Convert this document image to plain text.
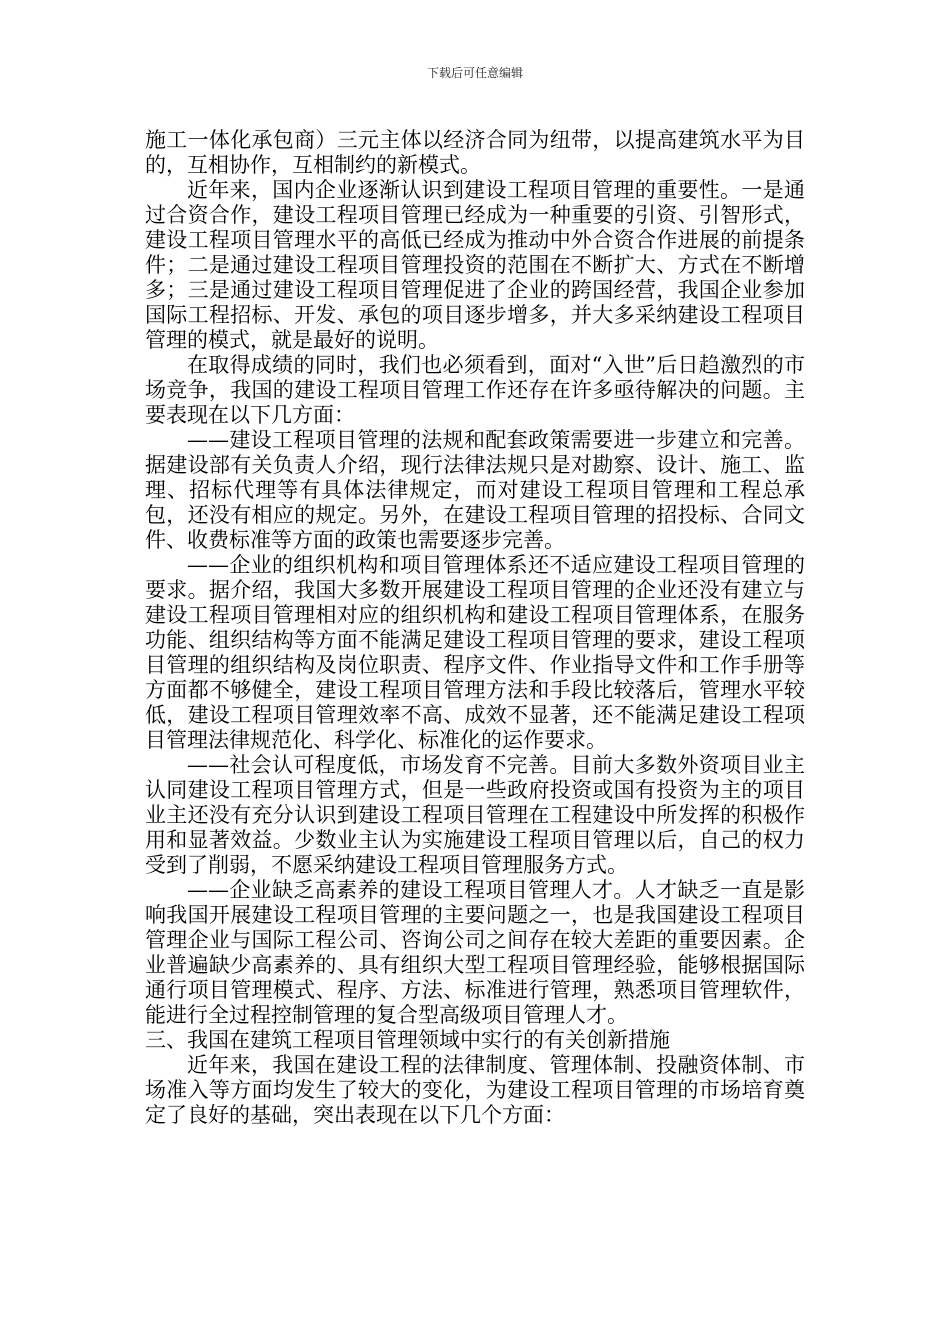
下载后可任意编辑

施工一体化承包商）三元主体以经济合同为纽带，以提高建筑水平为目的，互相协作，互相制约的新模式。

近年来，国内企业逐渐认识到建设工程项目管理的重要性。一是通过合资合作，建设工程项目管理已经成为一种重要的引资、引智形式，建设工程项目管理水平的高低已经成为推动中外合资合作进展的前提条件；二是通过建设工程项目管理投资的范围在不断扩大、方式在不断增多；三是通过建设工程项目管理促进了企业的跨国经营，我国企业参加国际工程招标、开发、承包的项目逐步增多，并大多采纳建设工程项目管理的模式，就是最好的说明。

在取得成绩的同时，我们也必须看到，面对“入世”后日趋激烈的市场竞争，我国的建设工程项目管理工作还存在许多亟待解决的问题。主要表现在以下几方面：

——建设工程项目管理的法规和配套政策需要进一步建立和完善。据建设部有关负责人介绍，现行法律法规只是对勘察、设计、施工、监理、招标代理等有具体法律规定，而对建设工程项目管理和工程总承包，还没有相应的规定。另外，在建设工程项目管理的招投标、合同文件、收费标准等方面的政策也需要逐步完善。

——企业的组织机构和项目管理体系还不适应建设工程项目管理的要求。据介绍，我国大多数开展建设工程项目管理的企业还没有建立与建设工程项目管理相对应的组织机构和建设工程项目管理体系，在服务功能、组织结构等方面不能满足建设工程项目管理的要求，建设工程项目管理的组织结构及岗位职责、程序文件、作业指导文件和工作手册等方面都不够健全，建设工程项目管理方法和手段比较落后，管理水平较低，建设工程项目管理效率不高、成效不显著，还不能满足建设工程项目管理法律规范化、科学化、标准化的运作要求。

——社会认可程度低，市场发育不完善。目前大多数外资项目业主认同建设工程项目管理方式，但是一些政府投资或国有投资为主的项目业主还没有充分认识到建设工程项目管理在工程建设中所发挥的积极作用和显著效益。少数业主认为实施建设工程项目管理以后，自己的权力受到了削弱，不愿采纳建设工程项目管理服务方式。

——企业缺乏高素养的建设工程项目管理人才。人才缺乏一直是影响我国开展建设工程项目管理的主要问题之一，也是我国建设工程项目管理企业与国际工程公司、咨询公司之间存在较大差距的重要因素。企业普遍缺少高素养的、具有组织大型工程项目管理经验，能够根据国际通行项目管理模式、程序、方法、标准进行管理，熟悉项目管理软件，能进行全过程控制管理的复合型高级项目管理人才。

三、我国在建筑工程项目管理领域中实行的有关创新措施

近年来，我国在建设工程的法律制度、管理体制、投融资体制、市场准入等方面均发生了较大的变化，为建设工程项目管理的市场培育奠定了良好的基础，突出表现在以下几个方面：
